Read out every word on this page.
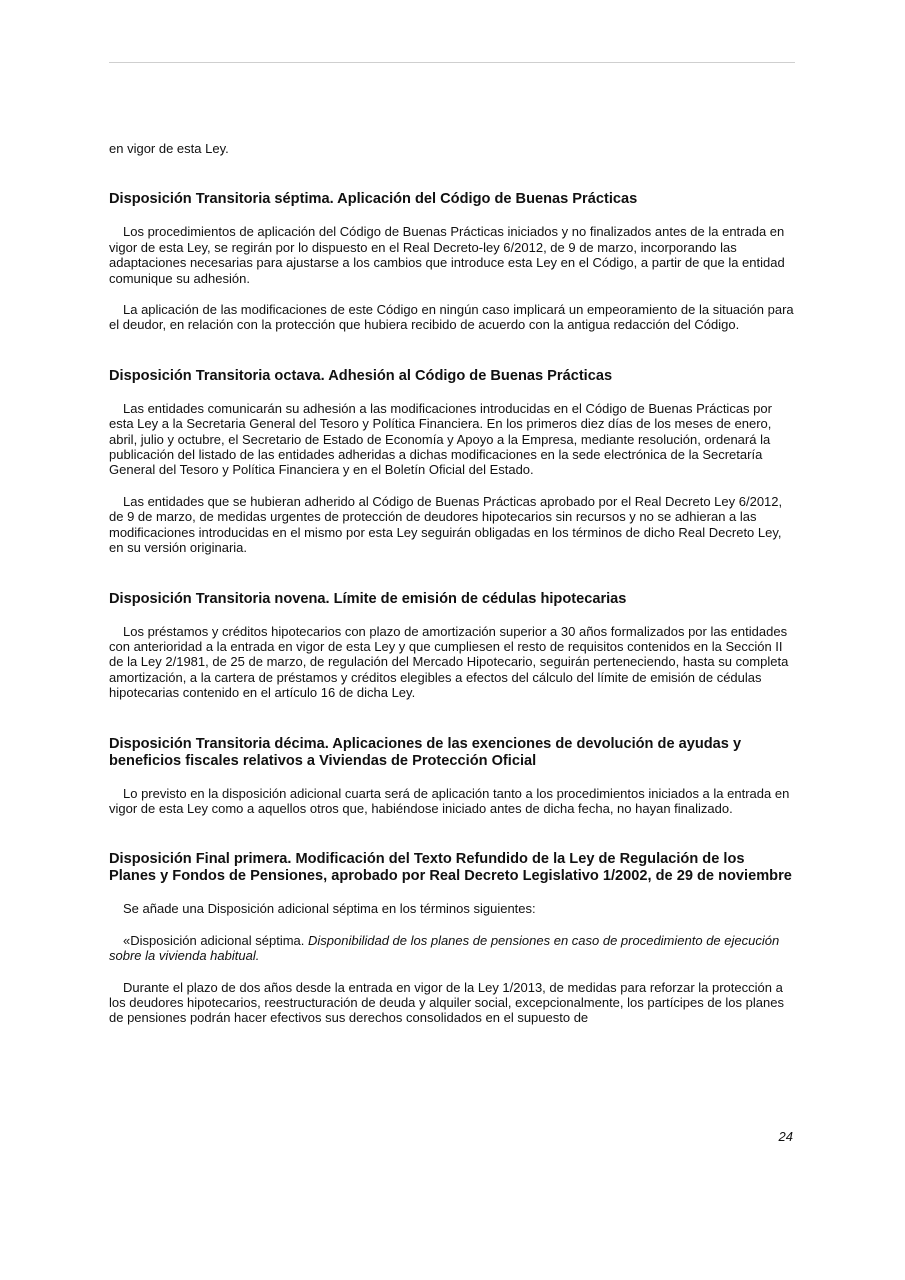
en vigor de esta Ley.

Disposición Transitoria séptima. Aplicación del Código de Buenas Prácticas

Los procedimientos de aplicación del Código de Buenas Prácticas iniciados y no finalizados antes de la entrada en vigor de esta Ley, se regirán por lo dispuesto en el Real Decreto-ley 6/2012, de 9 de marzo, incorporando las adaptaciones necesarias para ajustarse a los cambios que introduce esta Ley en el Código, a partir de que la entidad comunique su adhesión.

La aplicación de las modificaciones de este Código en ningún caso implicará un empeoramiento de la situación para el deudor, en relación con la protección que hubiera recibido de acuerdo con la antigua redacción del Código.

Disposición Transitoria octava. Adhesión al Código de Buenas Prácticas

Las entidades comunicarán su adhesión a las modificaciones introducidas en el Código de Buenas Prácticas por esta Ley a la Secretaria General del Tesoro y Política Financiera. En los primeros diez días de los meses de enero, abril, julio y octubre, el Secretario de Estado de Economía y Apoyo a la Empresa, mediante resolución, ordenará la publicación del listado de las entidades adheridas a dichas modificaciones en la sede electrónica de la Secretaría General del Tesoro y Política Financiera y en el Boletín Oficial del Estado.

Las entidades que se hubieran adherido al Código de Buenas Prácticas aprobado por el Real Decreto Ley 6/2012, de 9 de marzo, de medidas urgentes de protección de deudores hipotecarios sin recursos y no se adhieran a las modificaciones introducidas en el mismo por esta Ley seguirán obligadas en los términos de dicho Real Decreto Ley, en su versión originaria.

Disposición Transitoria novena. Límite de emisión de cédulas hipotecarias

Los préstamos y créditos hipotecarios con plazo de amortización superior a 30 años formalizados por las entidades con anterioridad a la entrada en vigor de esta Ley y que cumpliesen el resto de requisitos contenidos en la Sección II de la Ley 2/1981, de 25 de marzo, de regulación del Mercado Hipotecario, seguirán perteneciendo, hasta su completa amortización, a la cartera de préstamos y créditos elegibles a efectos del cálculo del límite de emisión de cédulas hipotecarias contenido en el artículo 16 de dicha Ley.

Disposición Transitoria décima. Aplicaciones de las exenciones de devolución de ayudas y beneficios fiscales relativos a Viviendas de Protección Oficial

Lo previsto en la disposición adicional cuarta será de aplicación tanto a los procedimientos iniciados a la entrada en vigor de esta Ley como a aquellos otros que, habiéndose iniciado antes de dicha fecha, no hayan finalizado.

Disposición Final primera. Modificación del Texto Refundido de la Ley de Regulación de los Planes y Fondos de Pensiones, aprobado por Real Decreto Legislativo 1/2002, de 29 de noviembre

Se añade una Disposición adicional séptima en los términos siguientes:

«Disposición adicional séptima. Disponibilidad de los planes de pensiones en caso de procedimiento de ejecución sobre la vivienda habitual.

Durante el plazo de dos años desde la entrada en vigor de la Ley 1/2013, de medidas para reforzar la protección a los deudores hipotecarios, reestructuración de deuda y alquiler social, excepcionalmente, los partícipes de los planes de pensiones podrán hacer efectivos sus derechos consolidados en el supuesto de

24
